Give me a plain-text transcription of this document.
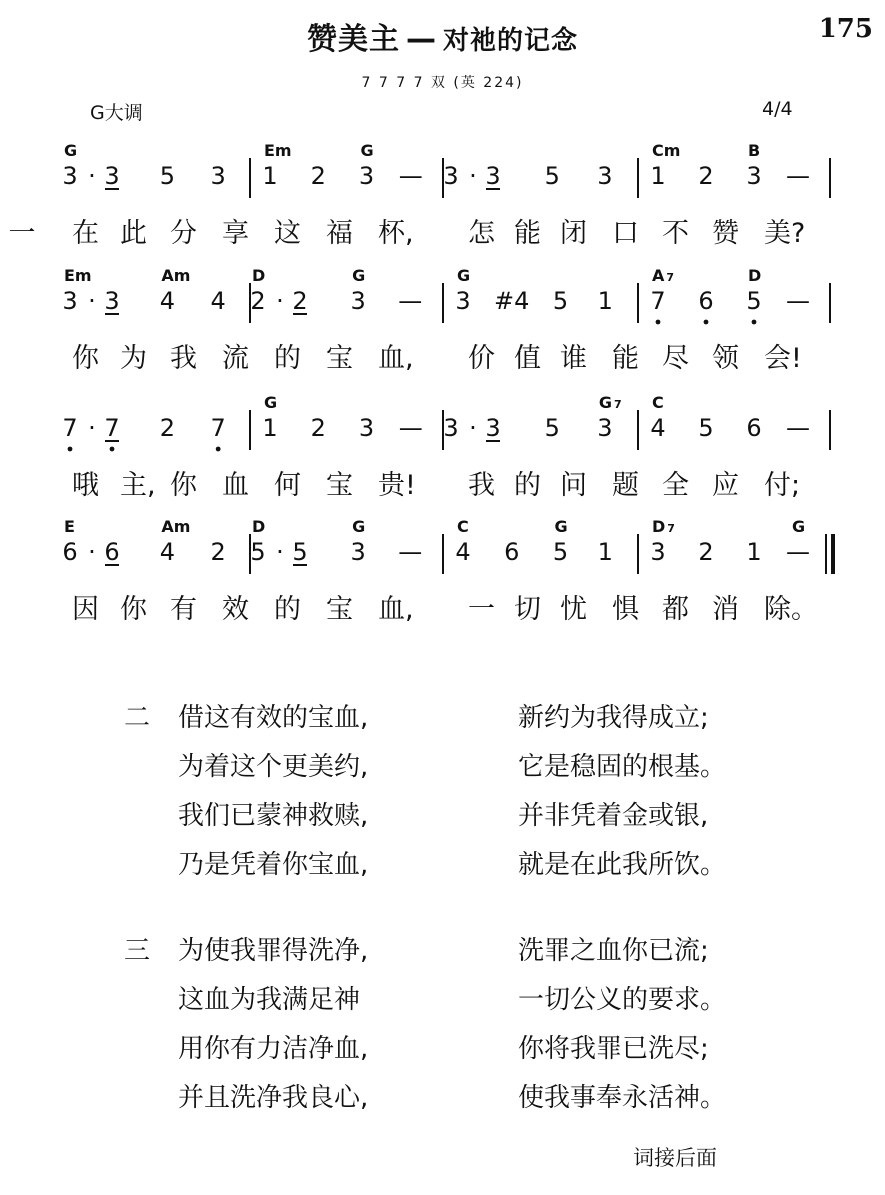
赞美主 — 对祂的记念	175
7 7 7 7 双 (英 224)
G大调	4/4
3 · 3 5 3
G
1 2 3 —
Em	G
3 · 3 5 3 1 2 3 —
Cm	B
一 在 此 分 享 这 福 杯, 怎 能 闭 口 不 赞 美?
3 · 3 4 4
Em	Am
2 · 2 3 —
D	G
3 #4 5 1
G
7 6 5 —
A 7	D
你 为 我 流 的 宝 血, 价 值 谁 能 尽 领 会!
7 · 7 2 7 1 2 3 —
G
3 · 3 5 3
G 7
4 5 6 —
C
哦 主, 你 血 何 宝 贵! 我 的 问 题 全 应 付;
6 · 6 4 2
E	Am
5 · 5 3 —
D	G
4 6 5 1
C	G
3 2 1 —
D 7	G
因 你 有 效 的 宝 血, 一 切 忧 惧 都 消 除。
二 借这有效的宝血,	新约为我得成立;
为着这个更美约,	它是稳固的根基。
我们已蒙神救赎,	并非凭着金或银,
乃是凭着你宝血,	就是在此我所饮。
三 为使我罪得洗净,	洗罪之血你已流;
这血为我满足神	一切公义的要求。
用你有力洁净血,	你将我罪已洗尽;
并且洗净我良心,	使我事奉永活神。
词接后面
